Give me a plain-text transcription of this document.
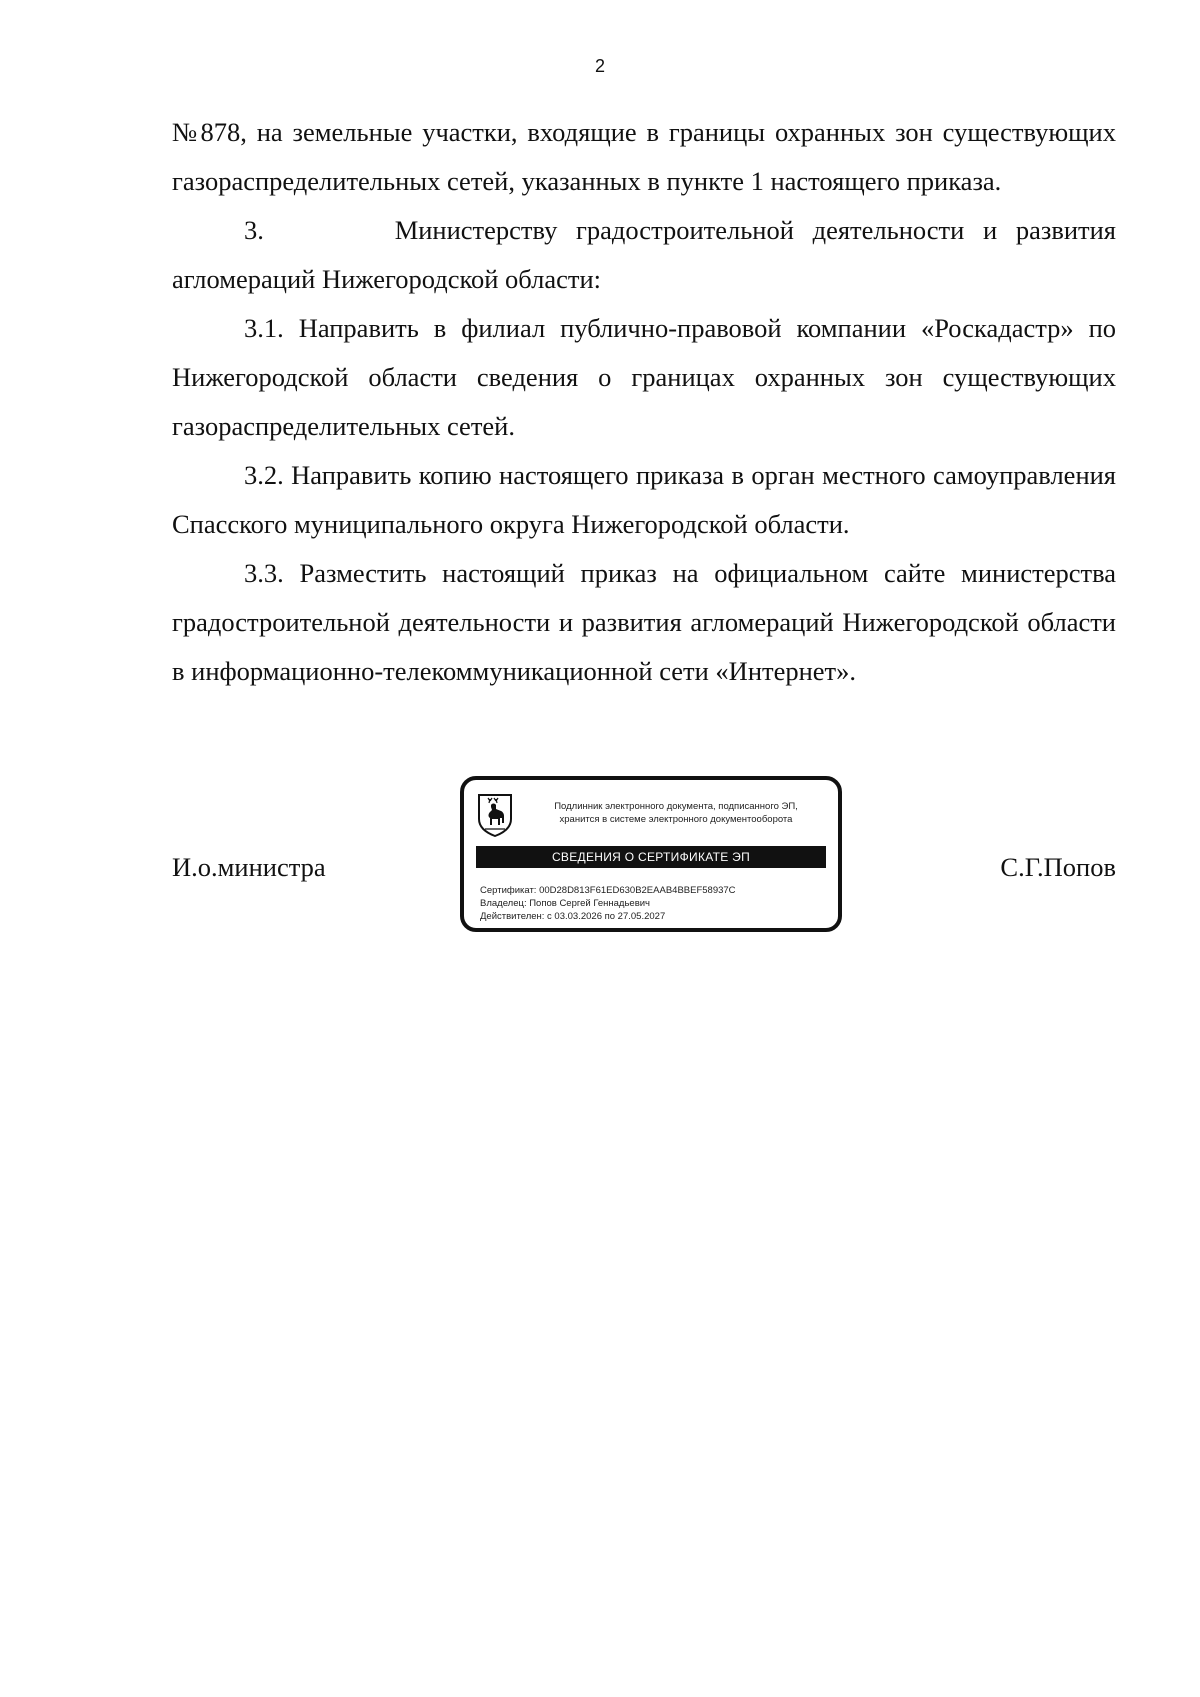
2

№878, на земельные участки, входящие в границы охранных зон существующих газораспределительных сетей, указанных в пункте 1 настоящего приказа.

3.       Министерству градостроительной деятельности и развития агломераций Нижегородской области:

3.1. Направить в филиал публично-правовой компании «Роскадастр» по Нижегородской области сведения о границах охранных зон существующих газораспределительных сетей.

3.2. Направить копию настоящего приказа в орган местного самоуправления Спасского муниципального округа Нижегородской области.

3.3. Разместить настоящий приказ на официальном сайте министерства градостроительной деятельности и развития агломераций Нижегородской области в информационно-телекоммуникационной сети «Интернет».

И.о.министра	С.Г.Попов
Подлинник электронного документа, подписанного ЭП,
хранится в системе электронного документооборота
СВЕДЕНИЯ О СЕРТИФИКАТЕ ЭП
Сертификат: 00D28D813F61ED630B2EAAB4BBEF58937C
Владелец: Попов Сергей Геннадьевич
Действителен: с 03.03.2026 по 27.05.2027
